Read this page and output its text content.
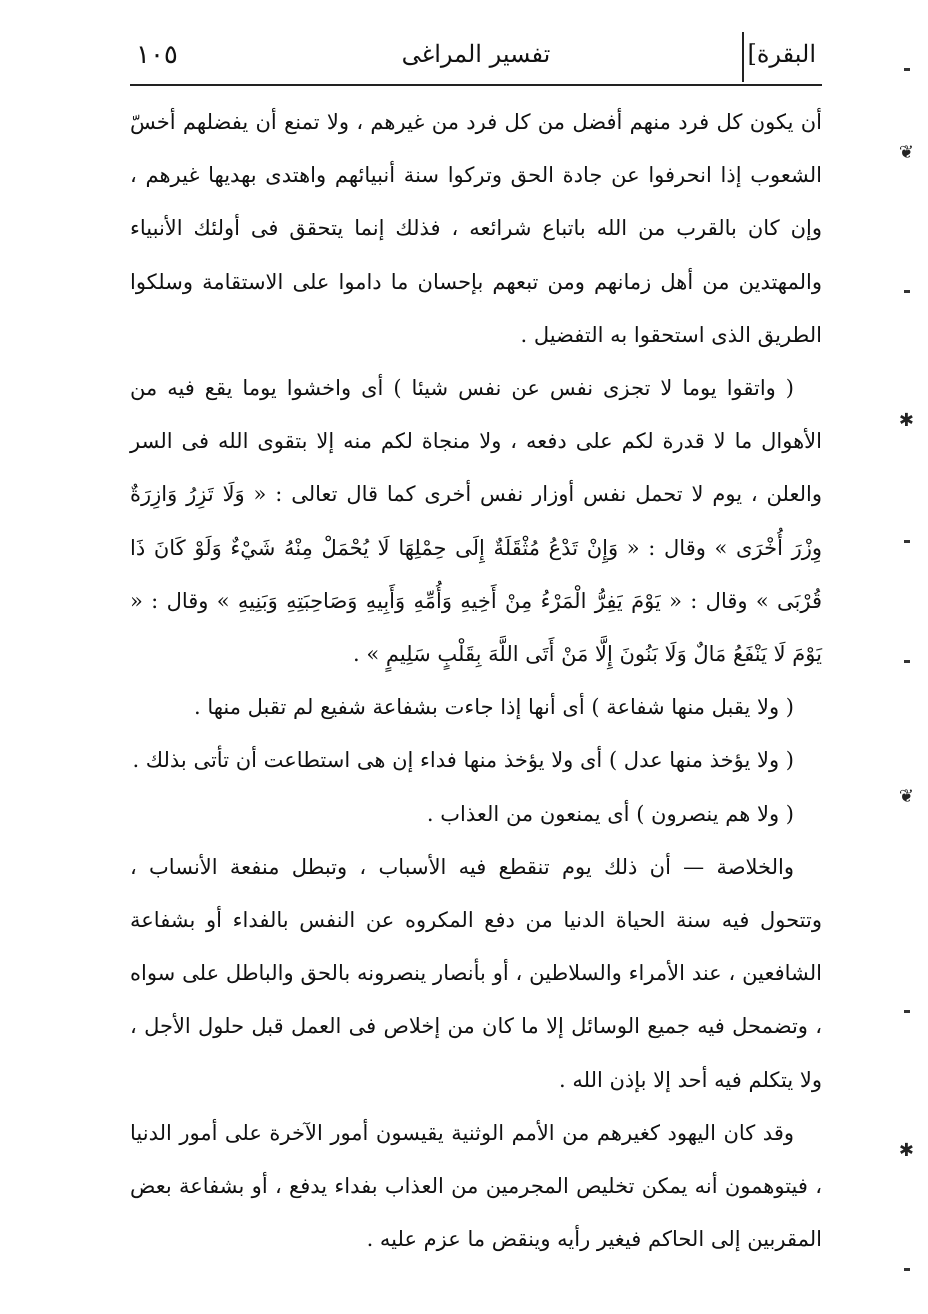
البقرة]
تفسير المراغى
١٠٥

أن يكون كل فرد منهم أفضل من كل فرد من غيرهم ، ولا تمنع أن يفضلهم أخسّ الشعوب إذا انحرفوا عن جادة الحق وتركوا سنة أنبيائهم واهتدى بهديها غيرهم ، وإن كان بالقرب من الله باتباع شرائعه ، فذلك إنما يتحقق فى أولئك الأنبياء والمهتدين من أهل زمانهم ومن تبعهم بإحسان ما داموا على الاستقامة وسلكوا الطريق الذى استحقوا به التفضيل .

( واتقوا يوما لا تجزى نفس عن نفس شيئا ) أى واخشوا يوما يقع فيه من الأهوال ما لا قدرة لكم على دفعه ، ولا منجاة لكم منه إلا بتقوى الله فى السر والعلن ، يوم لا تحمل نفس أوزار نفس أخرى كما قال تعالى : « وَلَا تَزِرُ وَازِرَةٌ وِزْرَ أُخْرَى » وقال : « وَإِنْ تَدْعُ مُثْقَلَةٌ إِلَى حِمْلِهَا لَا يُحْمَلْ مِنْهُ شَيْءٌ وَلَوْ كَانَ ذَا قُرْبَى » وقال : « يَوْمَ يَفِرُّ الْمَرْءُ مِنْ أَخِيهِ وَأُمِّهِ وَأَبِيهِ وَصَاحِبَتِهِ وَبَنِيهِ » وقال : « يَوْمَ لَا يَنْفَعُ مَالٌ وَلَا بَنُونَ إِلَّا مَنْ أَتَى اللَّهَ بِقَلْبٍ سَلِيمٍ » .

( ولا يقبل منها شفاعة ) أى أنها إذا جاءت بشفاعة شفيع لم تقبل منها .

( ولا يؤخذ منها عدل ) أى ولا يؤخذ منها فداء إن هى استطاعت أن تأتى بذلك .

( ولا هم ينصرون ) أى يمنعون من العذاب .

والخلاصة — أن ذلك يوم تنقطع فيه الأسباب ، وتبطل منفعة الأنساب ، وتتحول فيه سنة الحياة الدنيا من دفع المكروه عن النفس بالفداء أو بشفاعة الشافعين ، عند الأمراء والسلاطين ، أو بأنصار ينصرونه بالحق والباطل على سواه ، وتضمحل فيه جميع الوسائل إلا ما كان من إخلاص فى العمل قبل حلول الأجل ، ولا يتكلم فيه أحد إلا بإذن الله .

وقد كان اليهود كغيرهم من الأمم الوثنية يقيسون أمور الآخرة على أمور الدنيا ، فيتوهمون أنه يمكن تخليص المجرمين من العذاب بفداء يدفع ، أو بشفاعة بعض المقربين إلى الحاكم فيغير رأيه وينقض ما عزم عليه .

❦
✱
❦
✱
